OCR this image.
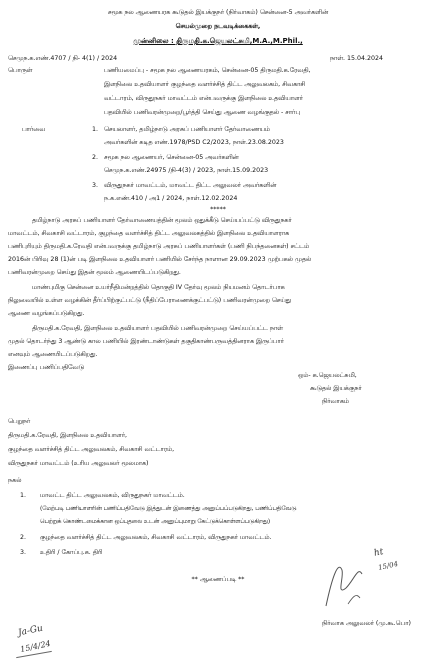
சமூக நல ஆணையரக கூடுதல் இயக்குநர் (நிர்வாகம்) சென்னை-5 அவர்களின்
செயல்முறை நடவடிக்கைகள்,
முன்னிலை : திருமதி.க.ஜெயலட்சுமி,M.A.,M.Phil.,
செமுந.க.எண்.4707 / நி- 4(1) / 2024	நாள். 15.04.2024
பொருள்	பணியமைப்பு - சமூக நல ஆணையரகம், சென்னை-05 திருமதி.க.ரேவதி,
இளநிலை உதவியாளர் குழந்தை வளர்ச்சித் திட்ட அலுவலகம், சிவகாசி
வட்டாரம், விருதுநகர் மாவட்டம் என்பவருக்கு இளநிலை உதவியாளர்
பதவியில் பணிவரன்முறை/பூர்த்தி செய்து ஆணை வழங்குதல் - சார்பு
பார்வை	1. செயலாளர், தமிழ்நாடு அரசுப் பணியாளர் தேர்வாணையம்
அவர்களின் கடித எண்.1978/PSD C2/2023, நாள்.23.08.2023
2. சமூக நல ஆணையர், சென்னை-05 அவர்களின்
செமுந.க.எண்.24975 /நி-4(3) / 2023, நாள்.15.09.2023
3. விருதுநகர் மாவட்டம், மாவட்ட திட்ட அலுவலர் அவர்களின்
ந.க.எண்.410 / அ1 / 2024, நாள்.12.02.2024
*****
தமிழ்நாடு அரசுப் பணியாளர் தேர்வாணையத்தின் மூலம் ஒதுக்கீடு செய்யப்பட்டு விருதுநகர்
மாவட்டம், சிவகாசி வட்டாரம், குழந்தை வளர்ச்சித் திட்ட அலுவலகத்தில் இளநிலை உதவியாளராக
பணிபுரியும் திருமதி.க.ரேவதி என்பவருக்கு தமிழ்நாடு அரசுப் பணியாளர்கள் (பணி நிபந்தனைகள்) சட்டம்
2016ன் பிரிவு 28 (1)ன் படி இளநிலை உதவியாளர் பணியில் சேர்ந்த நாளான 29.09.2023 முற்பகல் முதல்
பணிவரன்முறை செய்து இதன் மூலம் ஆணையிடப்படுகிறது.
மாண்புமிகு சென்னை உயர்நீதிமன்றத்தில் தொகுதி IV தேர்வு மூலம் நியமனம் தொடர்பாக
நிலுவையில் உள்ள வழக்கின் தீர்ப்பிற்குட்பட்டு (நீதிப்பேராணைக்குட்பட்டு) பணிவரன்முறை செய்து
ஆணை வழங்கப்படுகிறது.
திருமதி.க.ரேவதி, இளநிலை உதவியாளர் பதவியில் பணிவரன்முறை செய்யப்பட்ட நாள்
முதல் தொடர்ந்து 3 ஆண்டு கால பணியில் இரண்டாண்டுகள் தகுதிகாண்பருவத்தினராக இருப்பார்
எனவும் ஆணையிடப்படுகிறது.
இணைப்பு பணிப்பதிவேடு
ஒம்- க.ஜெயலட்சுமி,
கூடுதல் இயக்குநர்
நிர்வாகம்
பெறுநர்
திருமதி.க.ரேவதி, இளநிலை உதவியாளர்,
குழந்தை வளர்ச்சித் திட்ட அலுவலகம், சிவகாசி வட்டாரம்,
விருதுநகர் மாவட்டம் (உரிய அலுவலர் மூலமாக)
நகல்
1. மாவட்ட திட்ட அலுவலகம், விருதுநகர் மாவட்டம்.
(மேற்படி பணியாளரின் பணிப்பதிவேடு இத்துடன் இணைத்து அனுப்பப்படுகிறது, பணிப்பதிவேடு
பெற்றுக் கொண்டமைக்கான ஒப்புதலை உடன் அனுப்புமாறு கேட்டுக்கொள்ளப்படுகிறது)
2. குழந்தை வளர்ச்சித் திட்ட அலுவலகம், சிவகாசி வட்டாரம், விருதுநகர் மாவட்டம்.
3. உதிரி / கோப்பு.க. திரி
** ஆணைப்படி **
நிர்வாக அலுவலர் (மு.கூ.பொ)
ht
15/04
Ja-Gu
15/4/24
